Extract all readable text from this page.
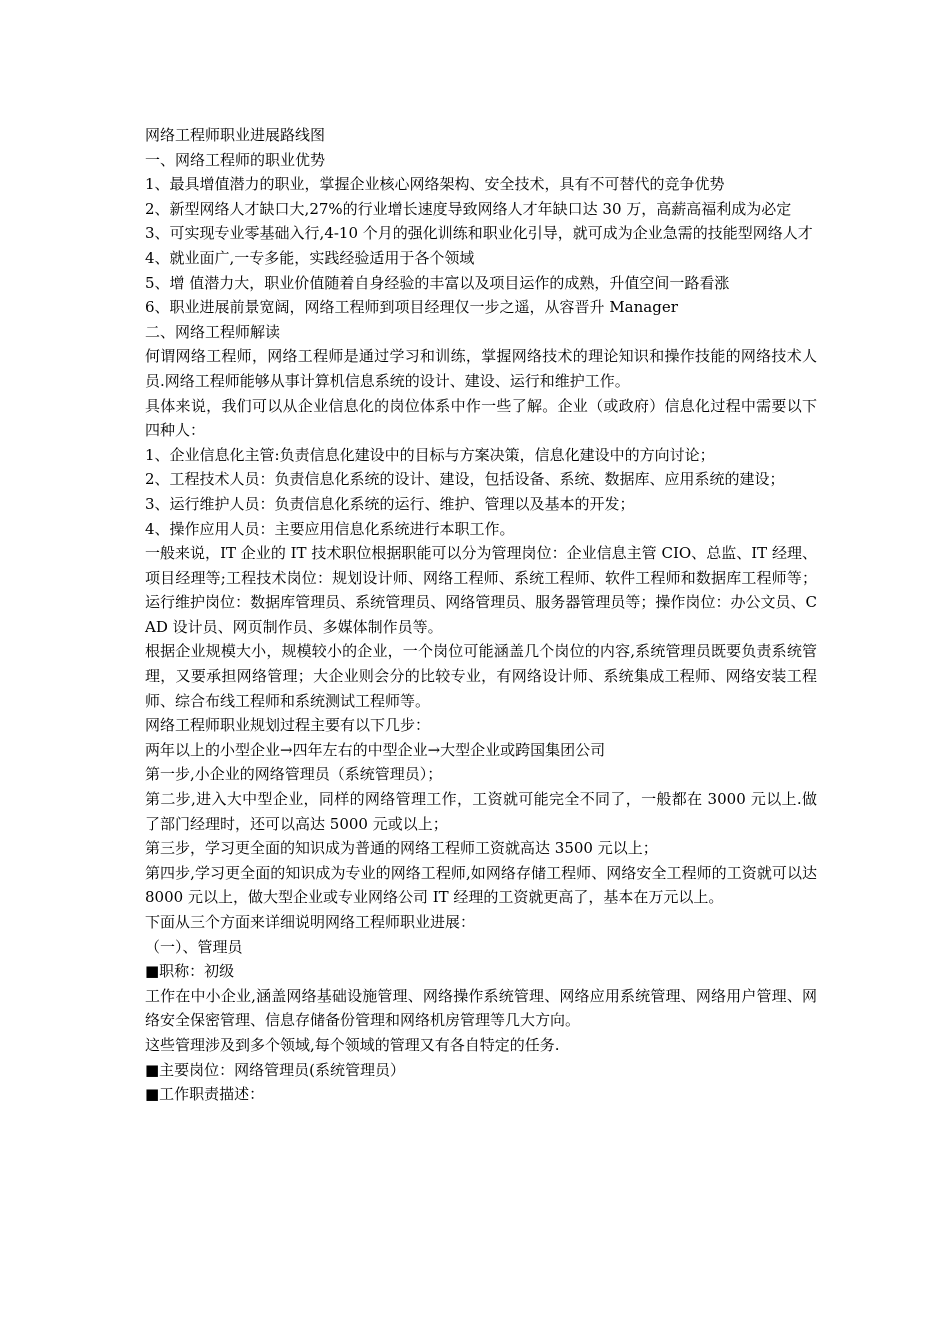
网络工程师职业进展路线图

一、网络工程师的职业优势

1、最具增值潜力的职业，掌握企业核心网络架构、安全技术，具有不可替代的竞争优势

2、新型网络人才缺口大,27%的行业增长速度导致网络人才年缺口达 30 万，高薪高福利成为必定

3、可实现专业零基础入行,4-10 个月的强化训练和职业化引导，就可成为企业急需的技能型网络人才

4、就业面广,一专多能，实践经验适用于各个领域

5、增 值潜力大，职业价值随着自身经验的丰富以及项目运作的成熟，升值空间一路看涨

6、职业进展前景宽阔，网络工程师到项目经理仅一步之遥，从容晋升 Manager

二、网络工程师解读

何谓网络工程师，网络工程师是通过学习和训练，掌握网络技术的理论知识和操作技能的网络技术人员.网络工程师能够从事计算机信息系统的设计、建设、运行和维护工作。

具体来说，我们可以从企业信息化的岗位体系中作一些了解。企业（或政府）信息化过程中需要以下四种人：

1、企业信息化主管:负责信息化建设中的目标与方案决策，信息化建设中的方向讨论；

2、工程技术人员：负责信息化系统的设计、建设，包括设备、系统、数据库、应用系统的建设；

3、运行维护人员：负责信息化系统的运行、维护、管理以及基本的开发；

4、操作应用人员：主要应用信息化系统进行本职工作。

一般来说，IT 企业的 IT 技术职位根据职能可以分为管理岗位：企业信息主管 CIO、总监、IT 经理、项目经理等;工程技术岗位：规划设计师、网络工程师、系统工程师、软件工程师和数据库工程师等；运行维护岗位：数据库管理员、系统管理员、网络管理员、服务器管理员等；操作岗位：办公文员、CAD 设计员、网页制作员、多媒体制作员等。

根据企业规模大小，规模较小的企业，一个岗位可能涵盖几个岗位的内容,系统管理员既要负责系统管理，又要承担网络管理；大企业则会分的比较专业，有网络设计师、系统集成工程师、网络安装工程师、综合布线工程师和系统测试工程师等。

网络工程师职业规划过程主要有以下几步：

两年以上的小型企业→四年左右的中型企业→大型企业或跨国集团公司

第一步,小企业的网络管理员（系统管理员）；

第二步,进入大中型企业，同样的网络管理工作，工资就可能完全不同了，一般都在 3000 元以上.做了部门经理时，还可以高达 5000 元或以上；

第三步，学习更全面的知识成为普通的网络工程师工资就高达 3500 元以上；

第四步,学习更全面的知识成为专业的网络工程师,如网络存储工程师、网络安全工程师的工资就可以达 8000 元以上，做大型企业或专业网络公司 IT 经理的工资就更高了，基本在万元以上。

下面从三个方面来详细说明网络工程师职业进展：

（一）、管理员

■职称：初级

工作在中小企业,涵盖网络基础设施管理、网络操作系统管理、网络应用系统管理、网络用户管理、网络安全保密管理、信息存储备份管理和网络机房管理等几大方向。

这些管理涉及到多个领域,每个领域的管理又有各自特定的任务.

■主要岗位：网络管理员(系统管理员）

■工作职责描述：
